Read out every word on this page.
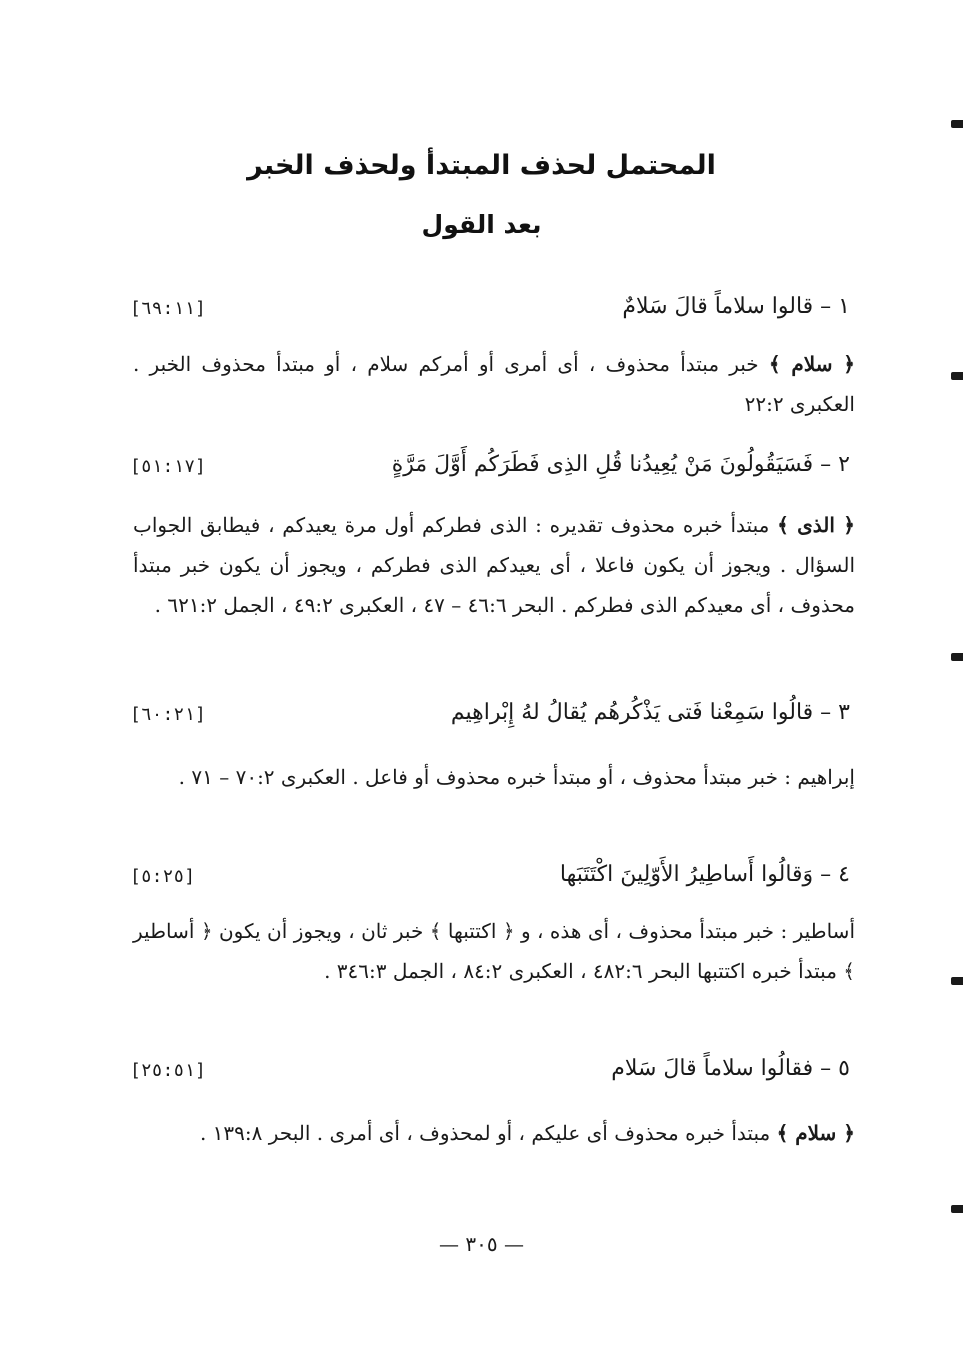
المحتمل لحذف المبتدأ ولحذف الخبر
بعد القول
١ – قالوا سلاماً قالَ سَلامٌ
[٦٩:١١]

﴿ سلام ﴾ خبر مبتدأ محذوف ، أى أمرى أو أمركم سلام ، أو مبتدأ محذوف الخبر . العكبرى ٢٢:٢

٢ – فَسَيَقُولُونَ مَنْ يُعِيدُنا قُلِ الذِى فَطَرَكُم أَوَّلَ مَرَّةٍ
[٥١:١٧]

﴿ الذى ﴾ مبتدأ خبره محذوف تقديره : الذى فطركم أول مرة يعيدكم ، فيطابق الجواب السؤال . ويجوز أن يكون فاعلا ، أى يعيدكم الذى فطركم ، ويجوز أن يكون خبر مبتدأ محذوف ، أى معيدكم الذى فطركم . البحر ٤٦:٦ – ٤٧ ، العكبرى ٤٩:٢ ، الجمل ٦٢١:٢ .

٣ – قالُوا سَمِعْنا فَتى يَذْكُرهُم يُقالُ لهُ إِبْراهِيم
[٦٠:٢١]

إبراهيم : خبر مبتدأ محذوف ، أو مبتدأ خبره محذوف أو فاعل . العكبرى ٧٠:٢ – ٧١ .

٤ – وَقالُوا أَساطِيرُ الأَوّلِينَ اكْتَتَبَها
[٥:٢٥]

أساطير : خبر مبتدأ محذوف ، أى هذه ، و ﴿ اكتتبها ﴾ خبر ثان ، ويجوز أن يكون ﴿ أساطير ﴾ مبتدأ خبره اكتتبها البحر ٤٨٢:٦ ، العكبرى ٨٤:٢ ، الجمل ٣٤٦:٣ .

٥ – فقالُوا سلاماً قالَ سَلام
[٢٥:٥١]

﴿ سلام ﴾ مبتدأ خبره محذوف أى عليكم ، أو لمحذوف ، أى أمرى . البحر ١٣٩:٨ .

— ٣٠٥ —
